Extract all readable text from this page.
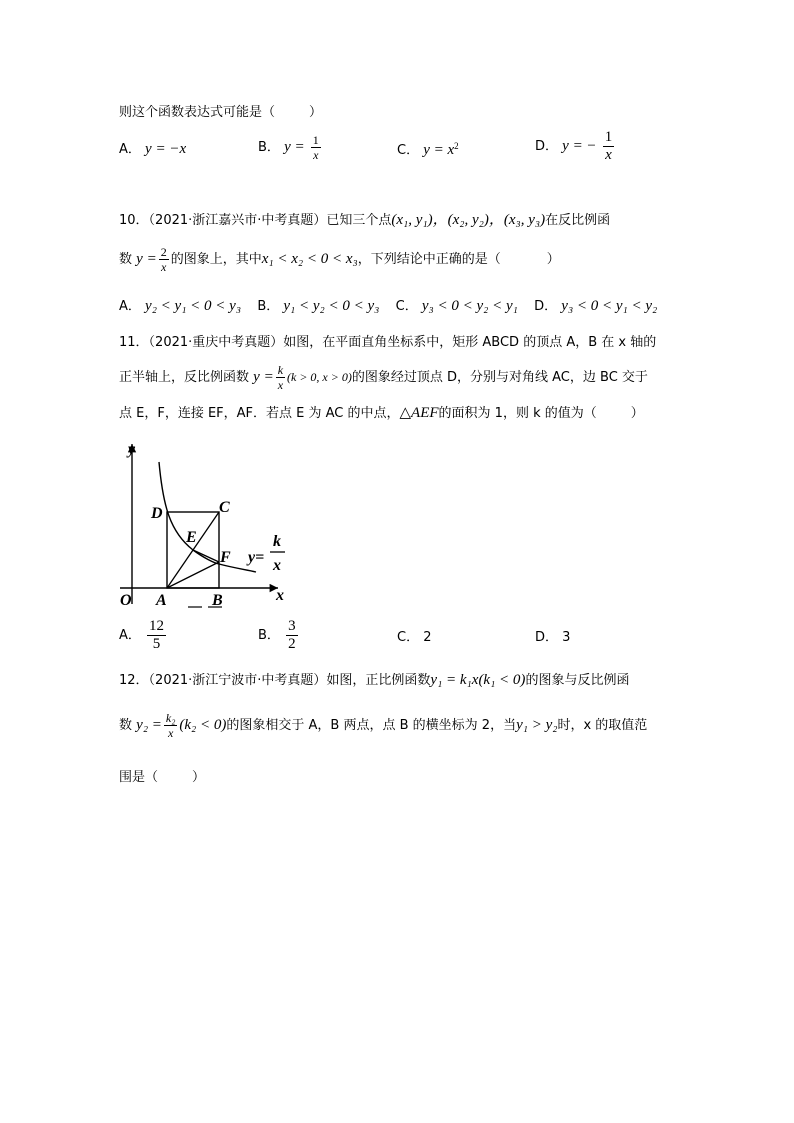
则这个函数表达式可能是（	）
A． y = −x	B． $y = \frac{1}{x}$	C． $y = x^2$	D． y = − $\frac{1}{x}$
10．（2021·浙江嘉兴市·中考真题）已知三个点(x₁, y₁)，(x₂, y₂)，(x₃, y₃)在反比例函
数 $y = \frac{2}{x}$ 的图象上，其中x₁ < x₂ < 0 < x₃，下列结论中正确的是（	）
A． y₂ < y₁ < 0 < y₃ B． y₁ < y₂ < 0 < y₃ C． y₃ < 0 < y₂ < y₁ D． y₃ < 0 < y₁ < y₂
11．（2021·重庆中考真题）如图，在平面直角坐标系中，矩形 ABCD 的顶点 A，B 在 x 轴的
正半轴上，反比例函数 $y = \frac{k}{x} (k > 0$, x > 0)的图象经过顶点 D，分别与对角线 AC，边 BC 交于
点 E，F，连接 EF，AF．若点 E 为 AC 的中点，△AEF的面积为 1，则 k 的值为（	）
y
x
O A	B
C
D
E
F y=
k
x
A． $\frac{12}{5}$	B． $\frac{3}{2}$	C． 2	D． 3
12．（2021·浙江宁波市·中考真题）如图，正比例函数y₁ = k₁x(k₁ < 0)的图象与反比例函
数 $y_2 = \frac{\text{k₂}}{x} (k_2 < 0)$的图象相交于 A，B 两点，点 B 的横坐标为 2，当y₁ > y₂时，x 的取值范
围是（	）
